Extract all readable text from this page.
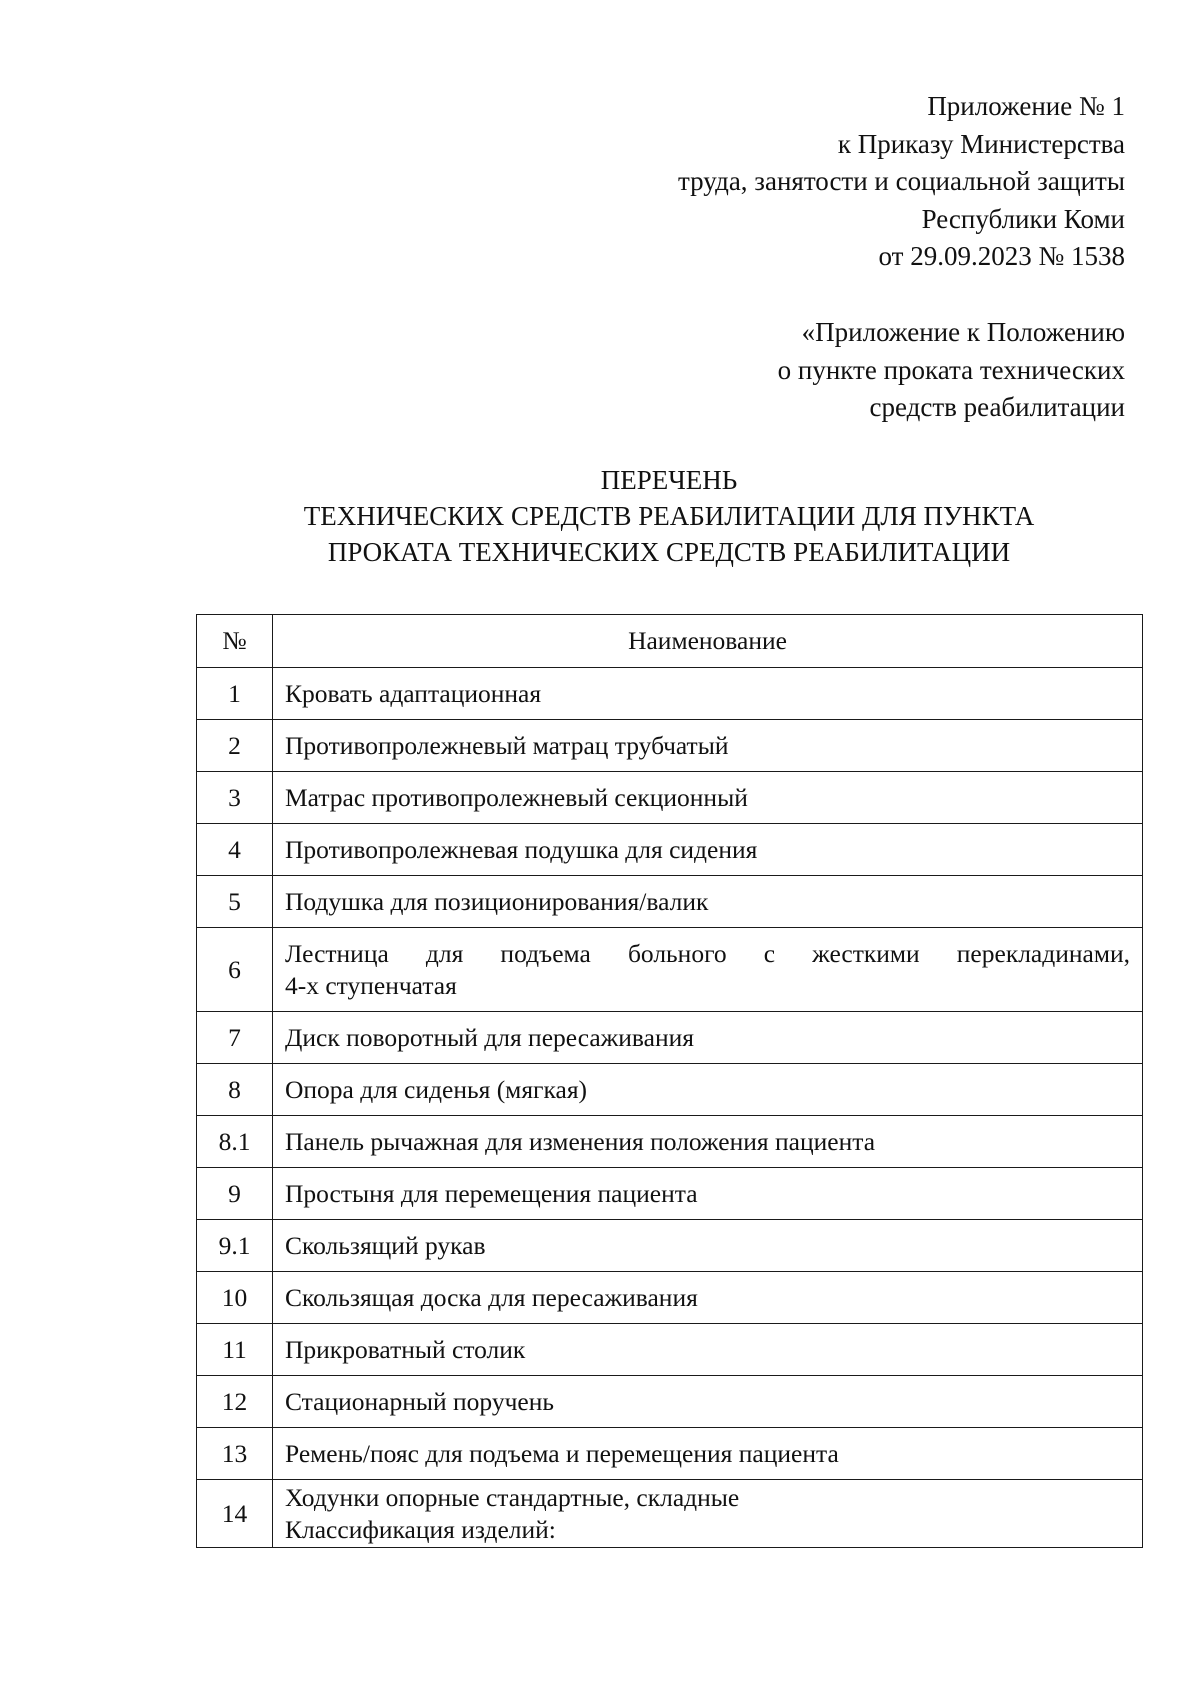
Приложение № 1
к Приказу Министерства
труда, занятости и социальной защиты
Республики Коми
от 29.09.2023 № 1538
«Приложение к Положению
о пункте проката технических
средств реабилитации
ПЕРЕЧЕНЬ
ТЕХНИЧЕСКИХ СРЕДСТВ РЕАБИЛИТАЦИИ ДЛЯ ПУНКТА
ПРОКАТА ТЕХНИЧЕСКИХ СРЕДСТВ РЕАБИЛИТАЦИИ
№	Наименование
1	Кровать адаптационная
2	Противопролежневый матрац трубчатый
3	Матрас противопролежневый секционный
4	Противопролежневая подушка для сидения
5	Подушка для позиционирования/валик
6	Лестница для подъема больного с жесткими перекладинами,
4-х ступенчатая

7	Диск поворотный для пересаживания
8	Опора для сиденья (мягкая)
8.1	Панель рычажная для изменения положения пациента
9	Простыня для перемещения пациента
9.1	Скользящий рукав
10	Скользящая доска для пересаживания
11	Прикроватный столик
12	Стационарный поручень
13	Ремень/пояс для подъема и перемещения пациента
14	Ходунки опорные стандартные, складные
Классификация изделий:
